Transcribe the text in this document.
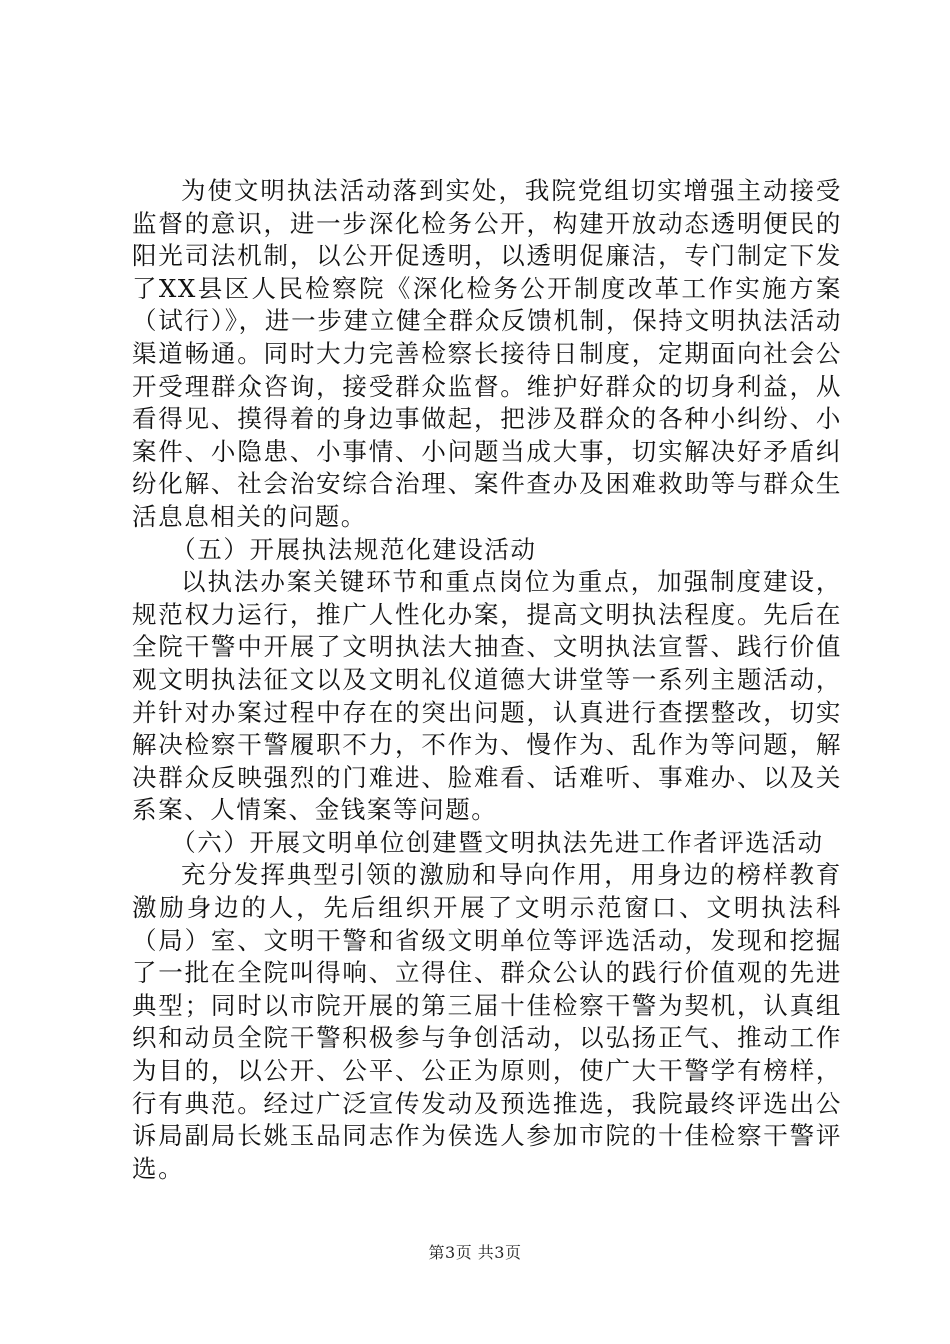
为使文明执法活动落到实处，我院党组切实增强主动接受监督的意识，进一步深化检务公开，构建开放动态透明便民的阳光司法机制，以公开促透明，以透明促廉洁，专门制定下发了XX县区人民检察院《深化检务公开制度改革工作实施方案（试行）》，进一步建立健全群众反馈机制，保持文明执法活动渠道畅通。同时大力完善检察长接待日制度，定期面向社会公开受理群众咨询，接受群众监督。维护好群众的切身利益，从看得见、摸得着的身边事做起，把涉及群众的各种小纠纷、小案件、小隐患、小事情、小问题当成大事，切实解决好矛盾纠纷化解、社会治安综合治理、案件查办及困难救助等与群众生活息息相关的问题。

（五）开展执法规范化建设活动

以执法办案关键环节和重点岗位为重点，加强制度建设，规范权力运行，推广人性化办案，提高文明执法程度。先后在全院干警中开展了文明执法大抽查、文明执法宣誓、践行价值观文明执法征文以及文明礼仪道德大讲堂等一系列主题活动，并针对办案过程中存在的突出问题，认真进行查摆整改，切实解决检察干警履职不力，不作为、慢作为、乱作为等问题，解决群众反映强烈的门难进、脸难看、话难听、事难办、以及关系案、人情案、金钱案等问题。

（六）开展文明单位创建暨文明执法先进工作者评选活动

充分发挥典型引领的激励和导向作用，用身边的榜样教育激励身边的人，先后组织开展了文明示范窗口、文明执法科（局）室、文明干警和省级文明单位等评选活动，发现和挖掘了一批在全院叫得响、立得住、群众公认的践行价值观的先进典型；同时以市院开展的第三届十佳检察干警为契机，认真组织和动员全院干警积极参与争创活动，以弘扬正气、推动工作为目的，以公开、公平、公正为原则，使广大干警学有榜样，行有典范。经过广泛宣传发动及预选推选，我院最终评选出公诉局副局长姚玉品同志作为侯选人参加市院的十佳检察干警评选。

第3页 共3页
